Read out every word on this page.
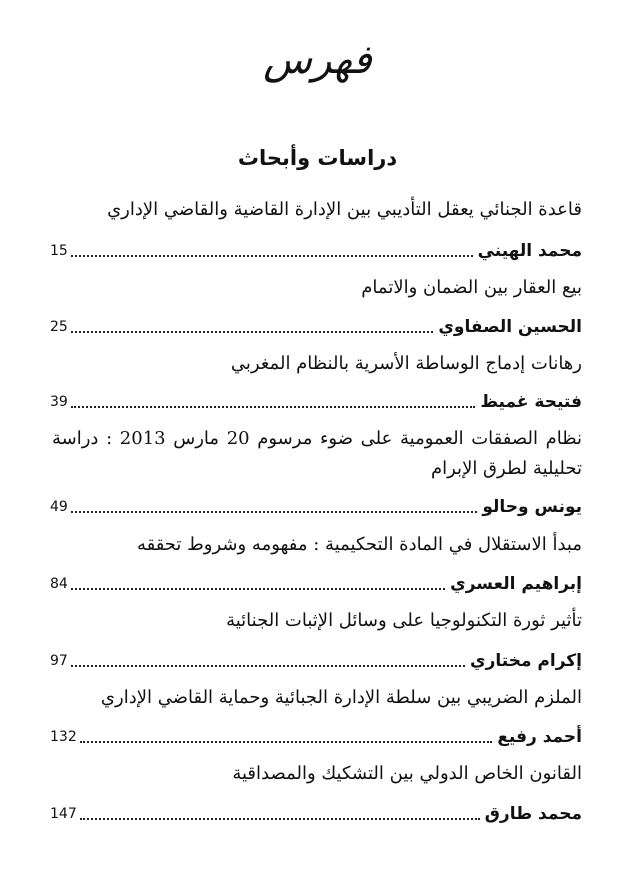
فهرس
دراسات وأبحاث
قاعدة الجنائي يعقل التأديبي بين الإدارة القاضية والقاضي الإداري
محمد الهيني
15
بيع العقار بين الضمان والاتمام
الحسين الصفاوي
25
رهانات إدماج الوساطة الأسرية بالنظام المغربي
فتيحة غميظ
39
نظام الصفقات العمومية على ضوء مرسوم 20 مارس 2013 : دراسة تحليلية لطرق الإبرام
يونس وحالو
49
مبدأ الاستقلال في المادة التحكيمية : مفهومه وشروط تحققه
إبراهيم العسري
84
تأثير ثورة التكنولوجيا على وسائل الإثبات الجنائية
إكرام مختاري
97
الملزم الضريبي بين سلطة الإدارة الجبائية وحماية القاضي الإداري
أحمد رفيع
132
القانون الخاص الدولي بين التشكيك والمصداقية
محمد طارق
147
